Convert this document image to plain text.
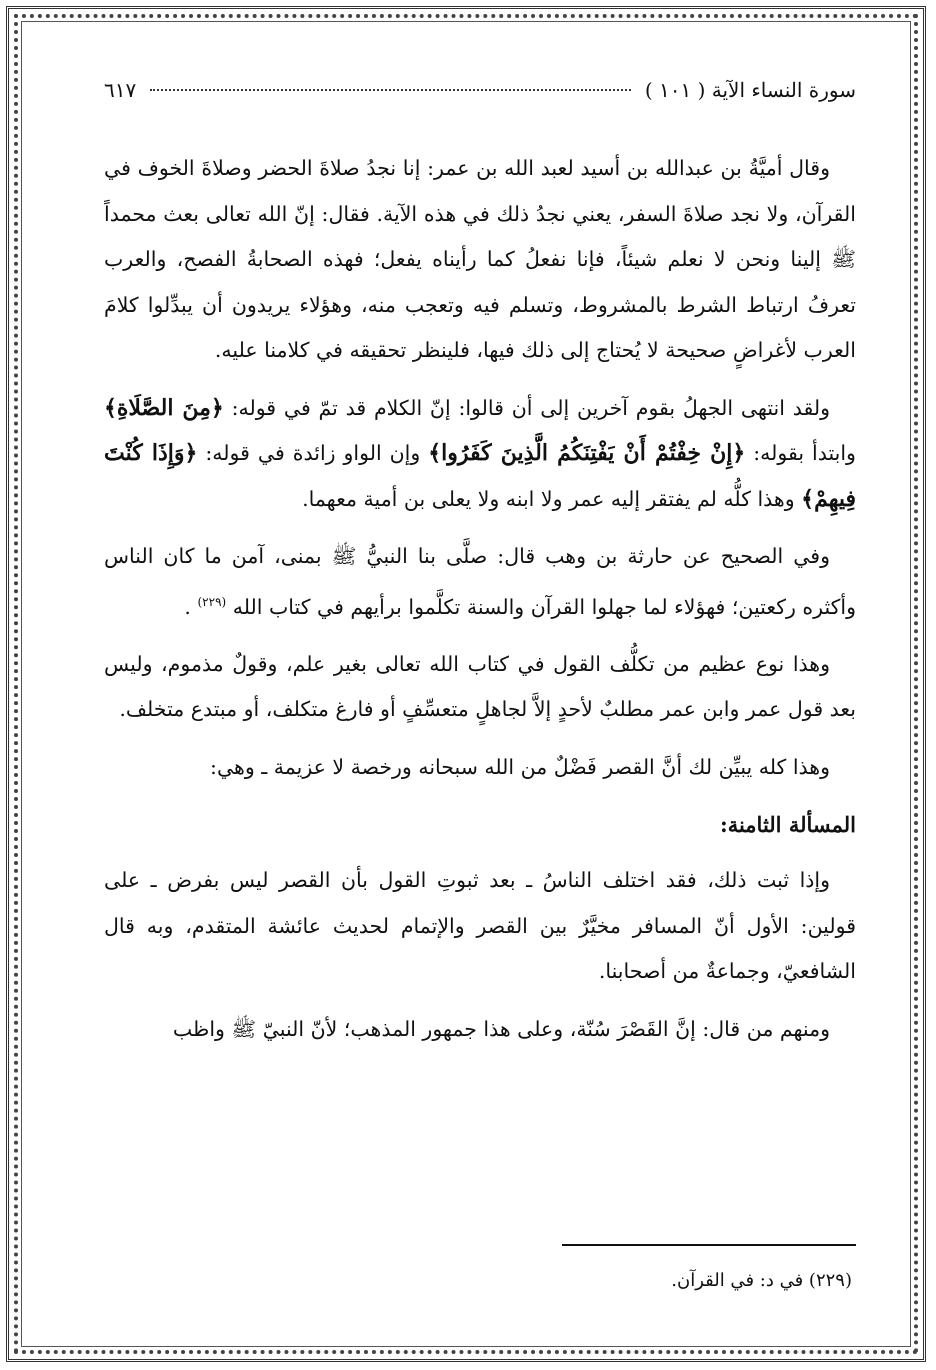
سورة النساء الآية ( ١٠١ )
٦١٧

وقال أميَّةُ بن عبدالله بن أسيد لعبد الله بن عمر: إنا نجدُ صلاةَ الحضر وصلاةَ الخوف في القرآن، ولا نجد صلاةَ السفر، يعني نجدُ ذلك في هذه الآية. فقال: إنّ الله تعالى بعث محمداً ﷺ إلينا ونحن لا نعلم شيئاً، فإنا نفعلُ كما رأيناه يفعل؛ فهذه الصحابةُ الفصح، والعرب تعرفُ ارتباط الشرط بالمشروط، وتسلم فيه وتعجب منه، وهؤلاء يريدون أن يبدِّلوا كلامَ العرب لأغراضٍ صحيحة لا يُحتاج إلى ذلك فيها، فلينظر تحقيقه في كلامنا عليه.

ولقد انتهى الجهلُ بقوم آخرين إلى أن قالوا: إنّ الكلام قد تمّ في قوله: ﴿مِنَ الصَّلَاةِ﴾ وابتدأ بقوله: ﴿إِنْ خِفْتُمْ أَنْ يَفْتِنَكُمُ الَّذِينَ كَفَرُوا﴾ وإن الواو زائدة في قوله: ﴿وَإِذَا كُنْتَ فِيهِمْ﴾ وهذا كلُّه لم يفتقر إليه عمر ولا ابنه ولا يعلى بن أمية معهما.

وفي الصحيح عن حارثة بن وهب قال: صلَّى بنا النبيُّ ﷺ بمنى، آمن ما كان الناس وأكثره ركعتين؛ فهؤلاء لما جهلوا القرآن والسنة تكلَّموا برأيهم في كتاب الله $^{(٢٢٩)}$ .

وهذا نوع عظيم من تكلُّف القول في كتاب الله تعالى بغير علم، وقولٌ مذموم، وليس بعد قول عمر وابن عمر مطلبٌ لأحدٍ إلاَّ لجاهلٍ متعسِّفٍ أو فارغ متكلف، أو مبتدع متخلف.

وهذا كله يبيِّن لك أنَّ القصر فَضْلٌ من الله سبحانه ورخصة لا عزيمة ـ وهي:

المسألة الثامنة:

وإذا ثبت ذلك، فقد اختلف الناسُ ـ بعد ثبوتِ القول بأن القصر ليس بفرض ـ على قولين: الأول أنّ المسافر مخيَّرٌ بين القصر والإتمام لحديث عائشة المتقدم، وبه قال الشافعيّ، وجماعةٌ من أصحابنا.

ومنهم من قال: إنَّ القَصْرَ سُنّة، وعلى هذا جمهور المذهب؛ لأنّ النبيّ ﷺ واظب

(٢٢٩) في د: في القرآن.
